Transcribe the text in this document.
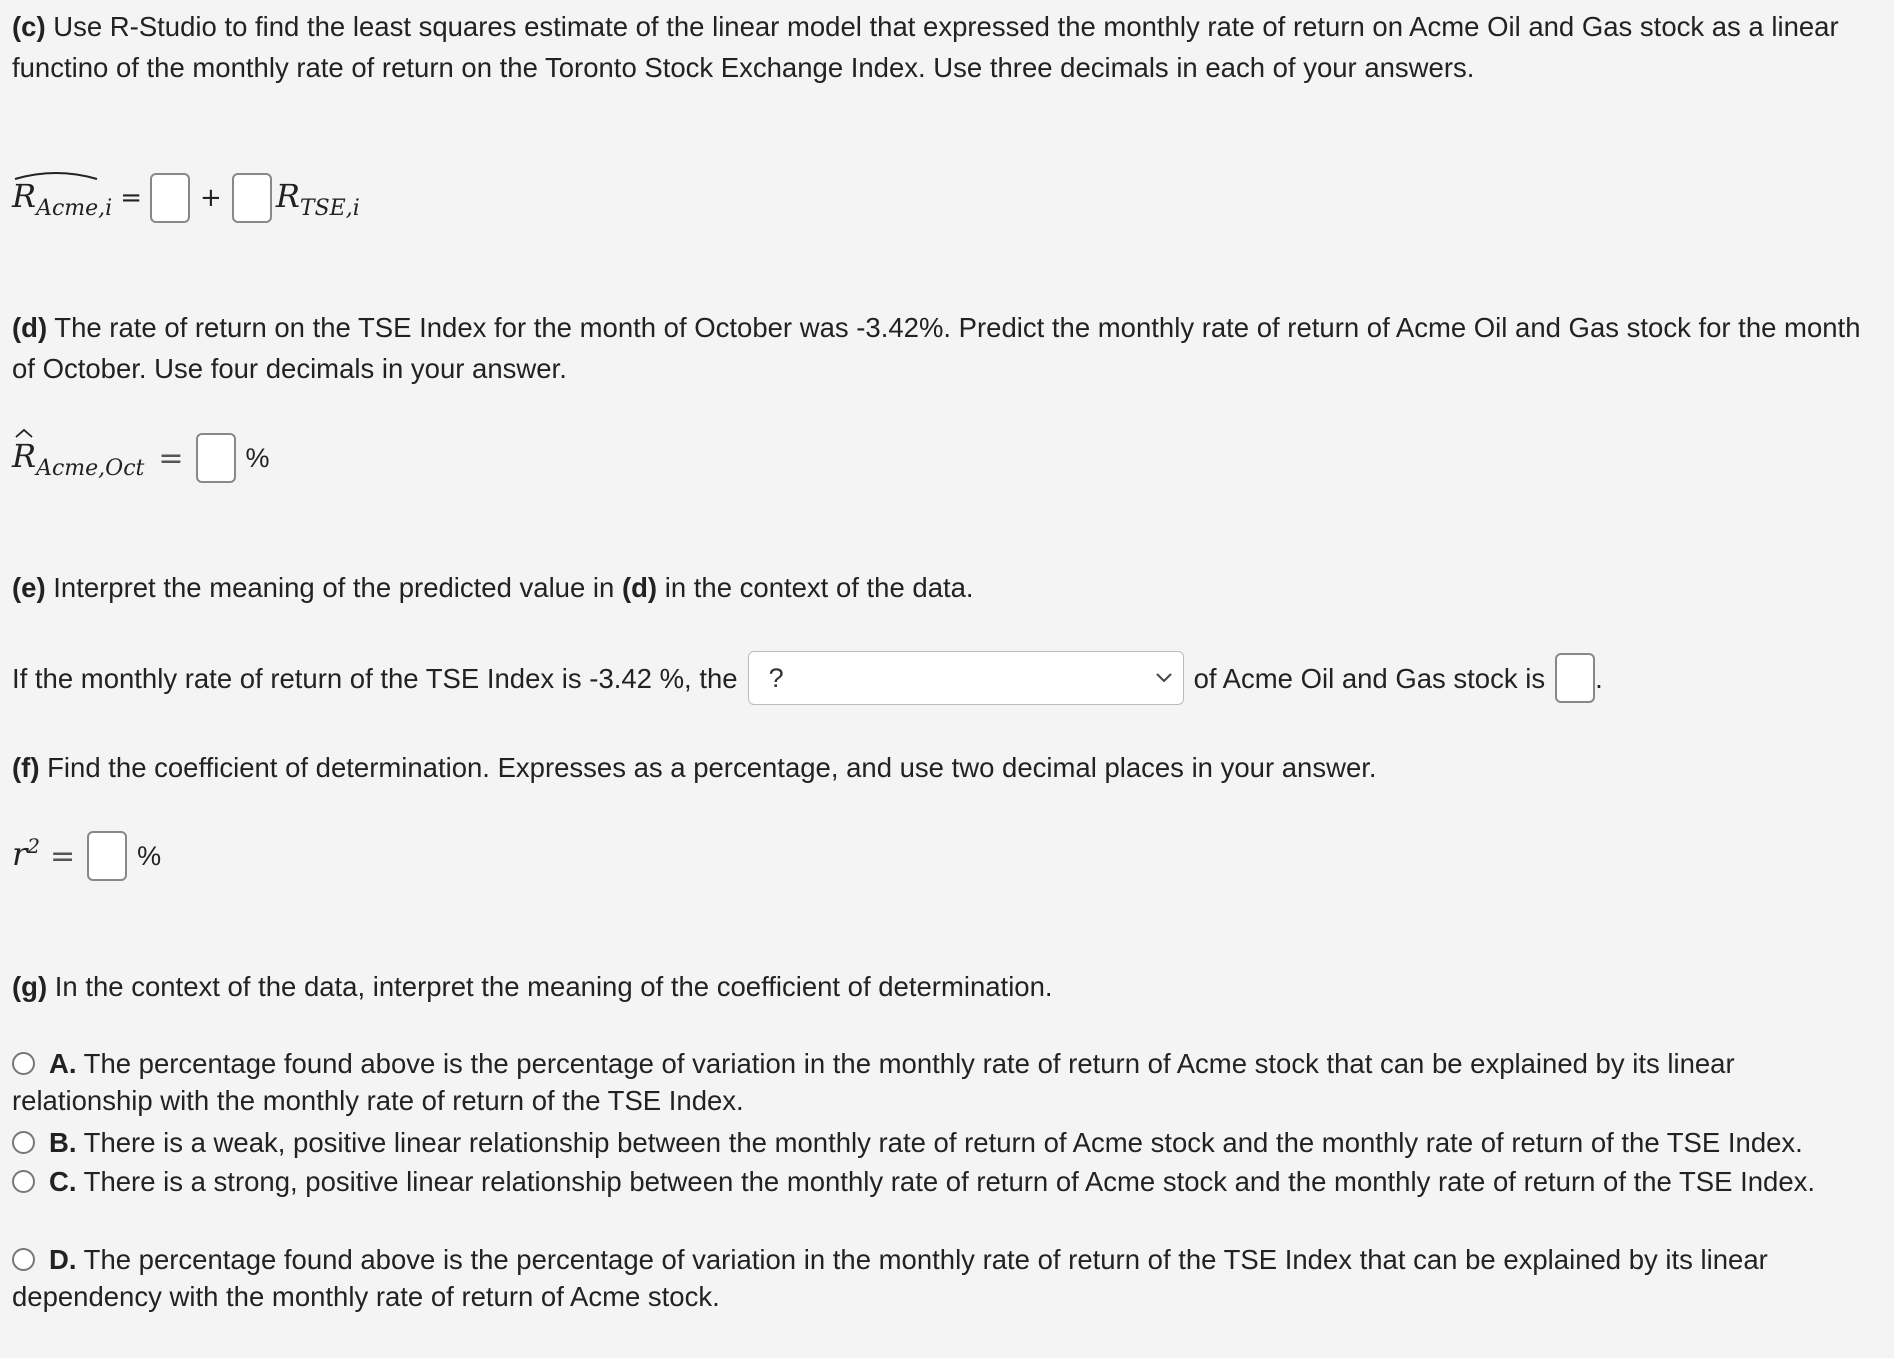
(c) Use R-Studio to find the least squares estimate of the linear model that expressed the monthly rate of return on Acme Oil and Gas stock as a linear functino of the monthly rate of return on the Toronto Stock Exchange Index. Use three decimals in each of your answers.

$R_{Acme,i}$ = + $R_{TSE,i}$

(d) The rate of return on the TSE Index for the month of October was -3.42%. Predict the monthly rate of return of Acme Oil and Gas stock for the month of October. Use four decimals in your answer.

$R_{Acme,Oct}$ = %

(e) Interpret the meaning of the predicted value in (d) in the context of the data.

If the monthly rate of return of the TSE Index is -3.42 %, the ?	of Acme Oil and Gas stock is .

(f) Find the coefficient of determination. Expresses as a percentage, and use two decimal places in your answer.

$r^2$ = %

(g) In the context of the data, interpret the meaning of the coefficient of determination.

A. The percentage found above is the percentage of variation in the monthly rate of return of Acme stock that can be explained by its linear relationship with the monthly rate of return of the TSE Index.

B. There is a weak, positive linear relationship between the monthly rate of return of Acme stock and the monthly rate of return of the TSE Index.

C. There is a strong, positive linear relationship between the monthly rate of return of Acme stock and the monthly rate of return of the TSE Index.

D. The percentage found above is the percentage of variation in the monthly rate of return of the TSE Index that can be explained by its linear dependency with the monthly rate of return of Acme stock.
